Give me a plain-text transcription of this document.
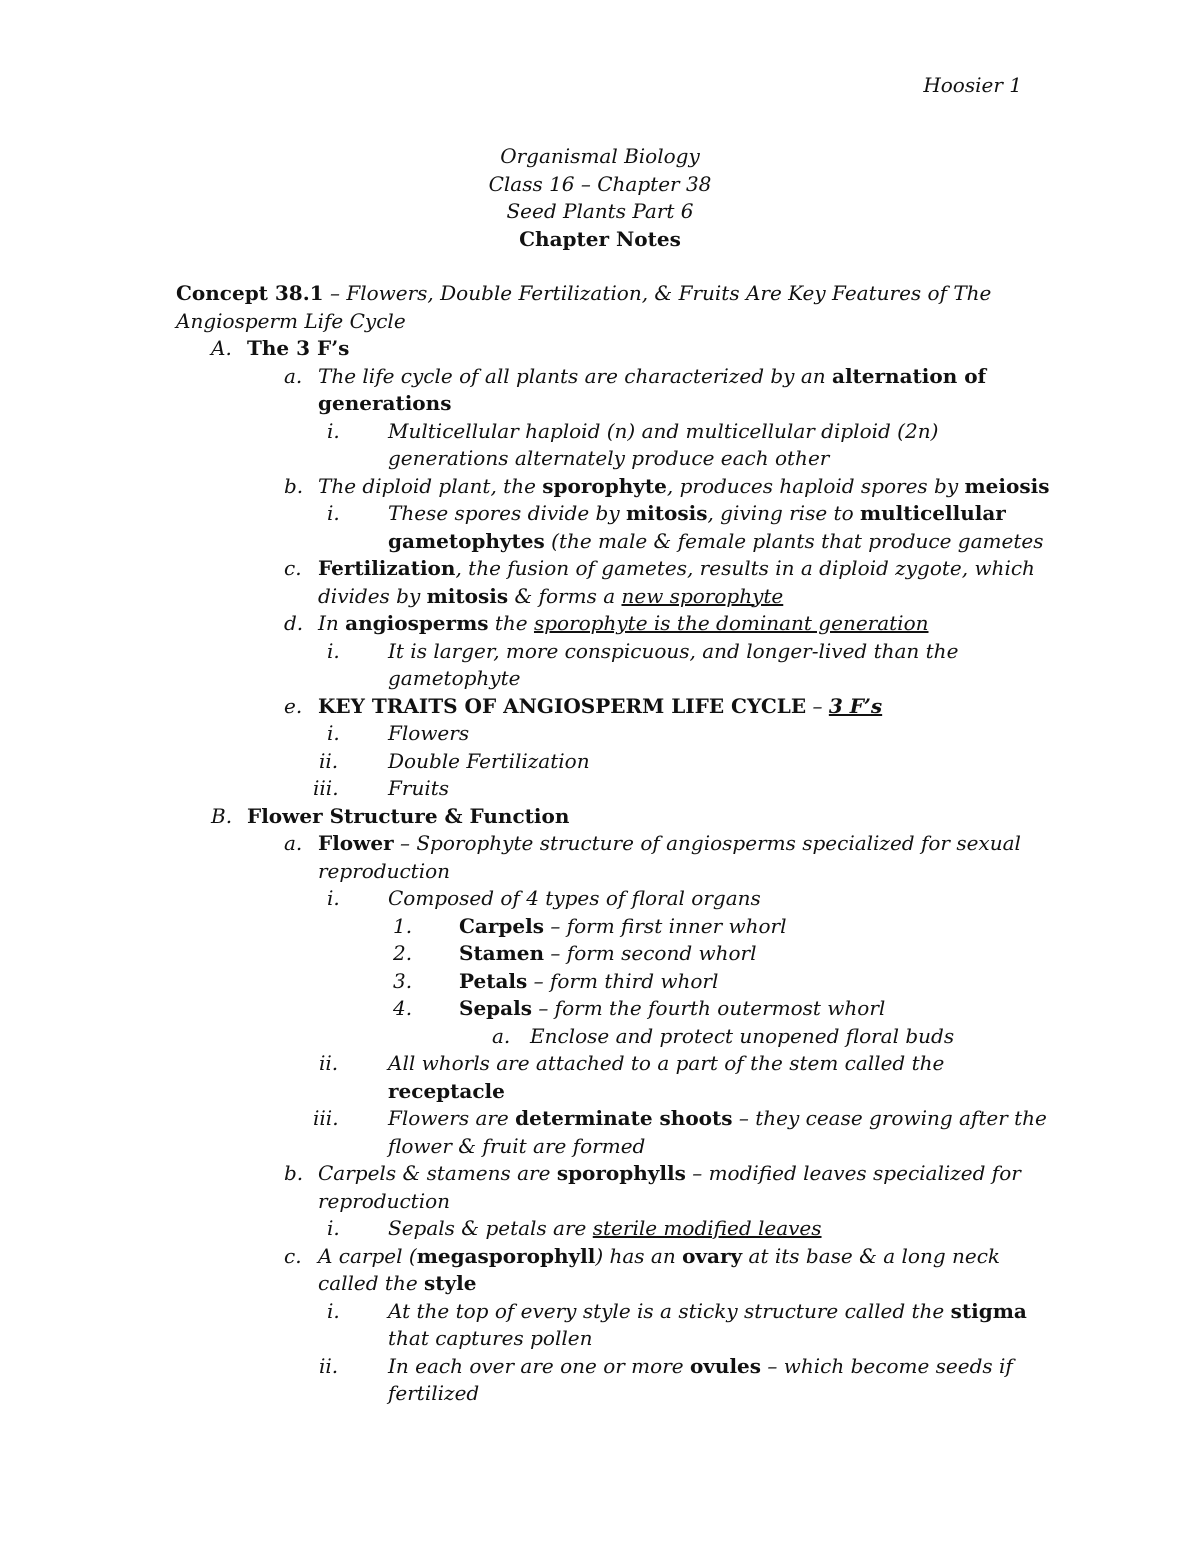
Hoosier 1
Organismal Biology
Class 16 – Chapter 38
Seed Plants Part 6
Chapter Notes
Concept 38.1 – Flowers, Double Fertilization, & Fruits Are Key Features of The
Angiosperm Life Cycle
A. The 3 F’s
a. The life cycle of all plants are characterized by an alternation of
generations
i. Multicellular haploid (n) and multicellular diploid (2n)
generations alternately produce each other
b. The diploid plant, the sporophyte, produces haploid spores by meiosis
i. These spores divide by mitosis, giving rise to multicellular
gametophytes (the male & female plants that produce gametes
c. Fertilization, the fusion of gametes, results in a diploid zygote, which
divides by mitosis & forms a new sporophyte
d. In angiosperms the sporophyte is the dominant generation
i. It is larger, more conspicuous, and longer-lived than the
gametophyte
e. KEY TRAITS OF ANGIOSPERM LIFE CYCLE – 3 F’s
i. Flowers
ii. Double Fertilization
iii. Fruits
B. Flower Structure & Function
a. Flower – Sporophyte structure of angiosperms specialized for sexual
reproduction
i. Composed of 4 types of floral organs
1. Carpels – form first inner whorl
2. Stamen – form second whorl
3. Petals – form third whorl
4. Sepals – form the fourth outermost whorl
a. Enclose and protect unopened floral buds
ii. All whorls are attached to a part of the stem called the
receptacle
iii. Flowers are determinate shoots – they cease growing after the
flower & fruit are formed
b. Carpels & stamens are sporophylls – modified leaves specialized for
reproduction
i. Sepals & petals are sterile modified leaves
c. A carpel (megasporophyll) has an ovary at its base & a long neck
called the style
i. At the top of every style is a sticky structure called the stigma
that captures pollen
ii. In each over are one or more ovules – which become seeds if
fertilized
